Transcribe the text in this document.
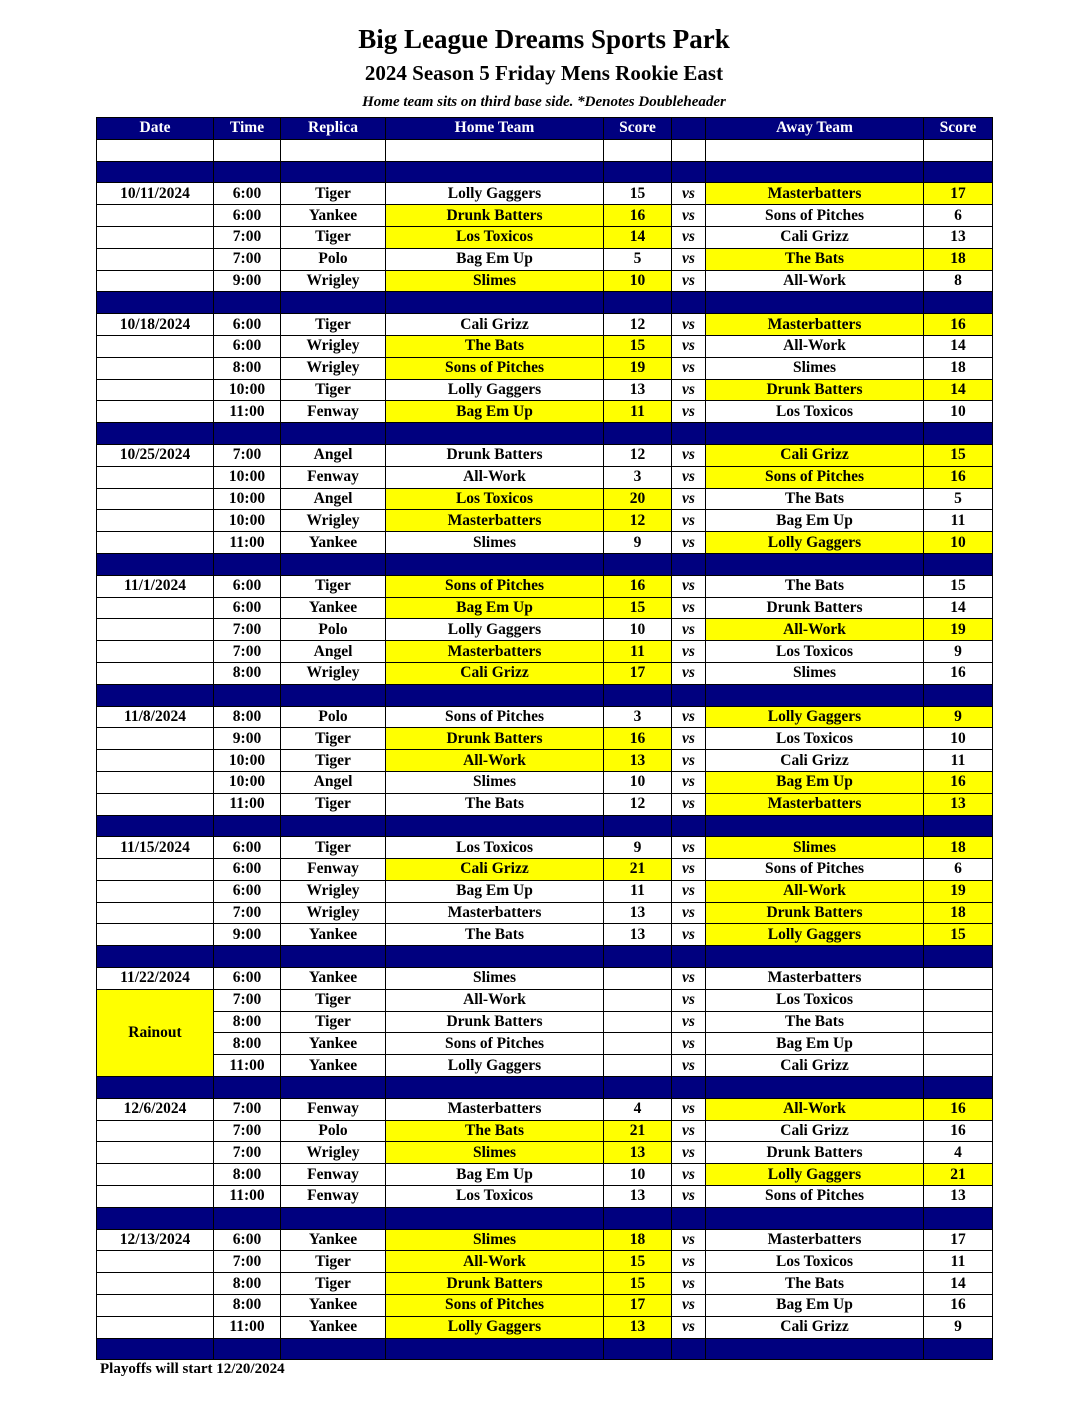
Big League Dreams Sports Park
2024 Season 5 Friday Mens Rookie East
Home team sits on third base side. *Denotes Doubleheader
Date	Time	Replica	Home Team	Score		Away Team	Score

10/11/2024	6:00	Tiger	Lolly Gaggers	15	vs	Masterbatters	17
	6:00	Yankee	Drunk Batters	16	vs	Sons of Pitches	6
	7:00	Tiger	Los Toxicos	14	vs	Cali Grizz	13
	7:00	Polo	Bag Em Up	5	vs	The Bats	18
	9:00	Wrigley	Slimes	10	vs	All-Work	8

10/18/2024	6:00	Tiger	Cali Grizz	12	vs	Masterbatters	16
	6:00	Wrigley	The Bats	15	vs	All-Work	14
	8:00	Wrigley	Sons of Pitches	19	vs	Slimes	18
	10:00	Tiger	Lolly Gaggers	13	vs	Drunk Batters	14
	11:00	Fenway	Bag Em Up	11	vs	Los Toxicos	10

10/25/2024	7:00	Angel	Drunk Batters	12	vs	Cali Grizz	15
	10:00	Fenway	All-Work	3	vs	Sons of Pitches	16
	10:00	Angel	Los Toxicos	20	vs	The Bats	5
	10:00	Wrigley	Masterbatters	12	vs	Bag Em Up	11
	11:00	Yankee	Slimes	9	vs	Lolly Gaggers	10

11/1/2024	6:00	Tiger	Sons of Pitches	16	vs	The Bats	15
	6:00	Yankee	Bag Em Up	15	vs	Drunk Batters	14
	7:00	Polo	Lolly Gaggers	10	vs	All-Work	19
	7:00	Angel	Masterbatters	11	vs	Los Toxicos	9
	8:00	Wrigley	Cali Grizz	17	vs	Slimes	16

11/8/2024	8:00	Polo	Sons of Pitches	3	vs	Lolly Gaggers	9
	9:00	Tiger	Drunk Batters	16	vs	Los Toxicos	10
	10:00	Tiger	All-Work	13	vs	Cali Grizz	11
	10:00	Angel	Slimes	10	vs	Bag Em Up	16
	11:00	Tiger	The Bats	12	vs	Masterbatters	13

11/15/2024	6:00	Tiger	Los Toxicos	9	vs	Slimes	18
	6:00	Fenway	Cali Grizz	21	vs	Sons of Pitches	6
	6:00	Wrigley	Bag Em Up	11	vs	All-Work	19
	7:00	Wrigley	Masterbatters	13	vs	Drunk Batters	18
	9:00	Yankee	The Bats	13	vs	Lolly Gaggers	15

11/22/2024	6:00	Yankee	Slimes		vs	Masterbatters	
Rainout	7:00	Tiger	All-Work		vs	Los Toxicos	
	8:00	Tiger	Drunk Batters		vs	The Bats	
	8:00	Yankee	Sons of Pitches		vs	Bag Em Up	
	11:00	Yankee	Lolly Gaggers		vs	Cali Grizz	

12/6/2024	7:00	Fenway	Masterbatters	4	vs	All-Work	16
	7:00	Polo	The Bats	21	vs	Cali Grizz	16
	7:00	Wrigley	Slimes	13	vs	Drunk Batters	4
	8:00	Fenway	Bag Em Up	10	vs	Lolly Gaggers	21
	11:00	Fenway	Los Toxicos	13	vs	Sons of Pitches	13

12/13/2024	6:00	Yankee	Slimes	18	vs	Masterbatters	17
	7:00	Tiger	All-Work	15	vs	Los Toxicos	11
	8:00	Tiger	Drunk Batters	15	vs	The Bats	14
	8:00	Yankee	Sons of Pitches	17	vs	Bag Em Up	16
	11:00	Yankee	Lolly Gaggers	13	vs	Cali Grizz	9

Playoffs will start 12/20/2024
